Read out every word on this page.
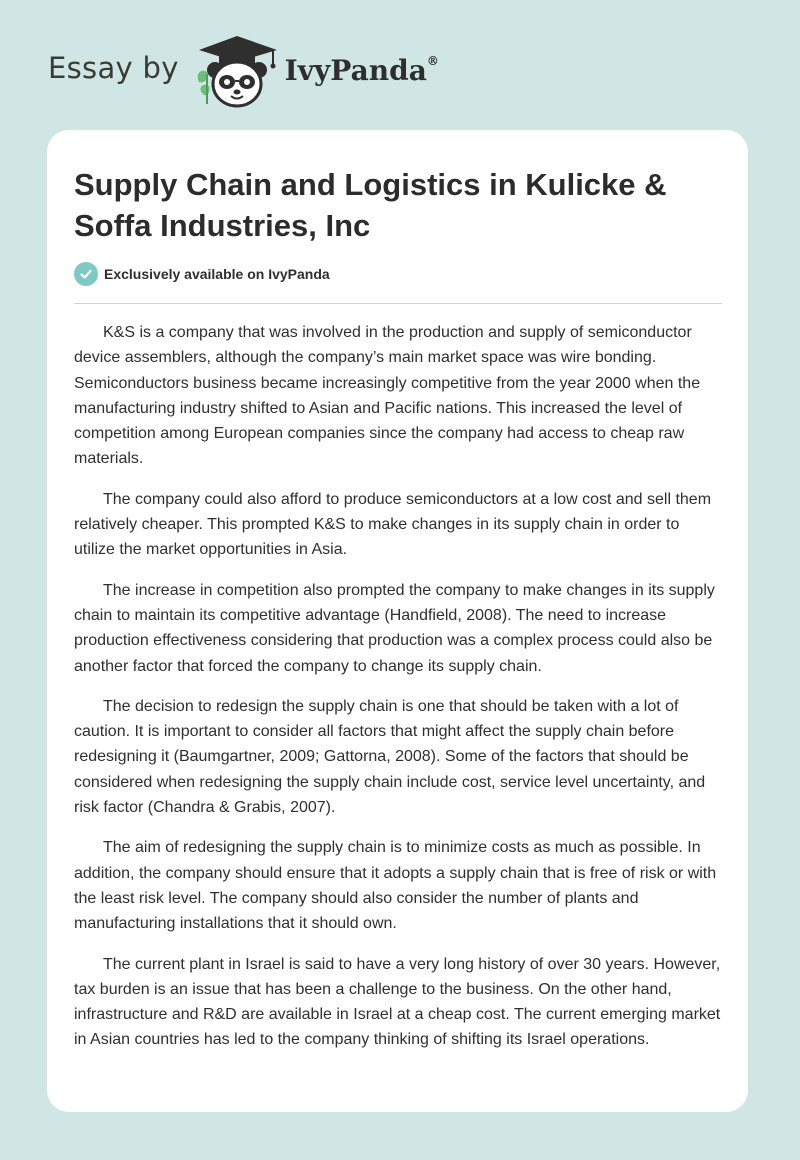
Essay by	IvyPanda®
Supply Chain and Logistics in Kulicke & Soffa Industries, Inc
Exclusively available on IvyPanda

K&S is a company that was involved in the production and supply of semiconductor device assemblers, although the company’s main market space was wire bonding. Semiconductors business became increasingly competitive from the year 2000 when the manufacturing industry shifted to Asian and Pacific nations. This increased the level of competition among European companies since the company had access to cheap raw materials.

The company could also afford to produce semiconductors at a low cost and sell them relatively cheaper. This prompted K&S to make changes in its supply chain in order to utilize the market opportunities in Asia.

The increase in competition also prompted the company to make changes in its supply chain to maintain its competitive advantage (Handfield, 2008). The need to increase production effectiveness considering that production was a complex process could also be another factor that forced the company to change its supply chain.

The decision to redesign the supply chain is one that should be taken with a lot of caution. It is important to consider all factors that might affect the supply chain before redesigning it (Baumgartner, 2009; Gattorna, 2008). Some of the factors that should be considered when redesigning the supply chain include cost, service level uncertainty, and risk factor (Chandra & Grabis, 2007).

The aim of redesigning the supply chain is to minimize costs as much as possible. In addition, the company should ensure that it adopts a supply chain that is free of risk or with the least risk level. The company should also consider the number of plants and manufacturing installations that it should own.

The current plant in Israel is said to have a very long history of over 30 years. However, tax burden is an issue that has been a challenge to the business. On the other hand, infrastructure and R&D are available in Israel at a cheap cost. The current emerging market in Asian countries has led to the company thinking of shifting its Israel operations.
